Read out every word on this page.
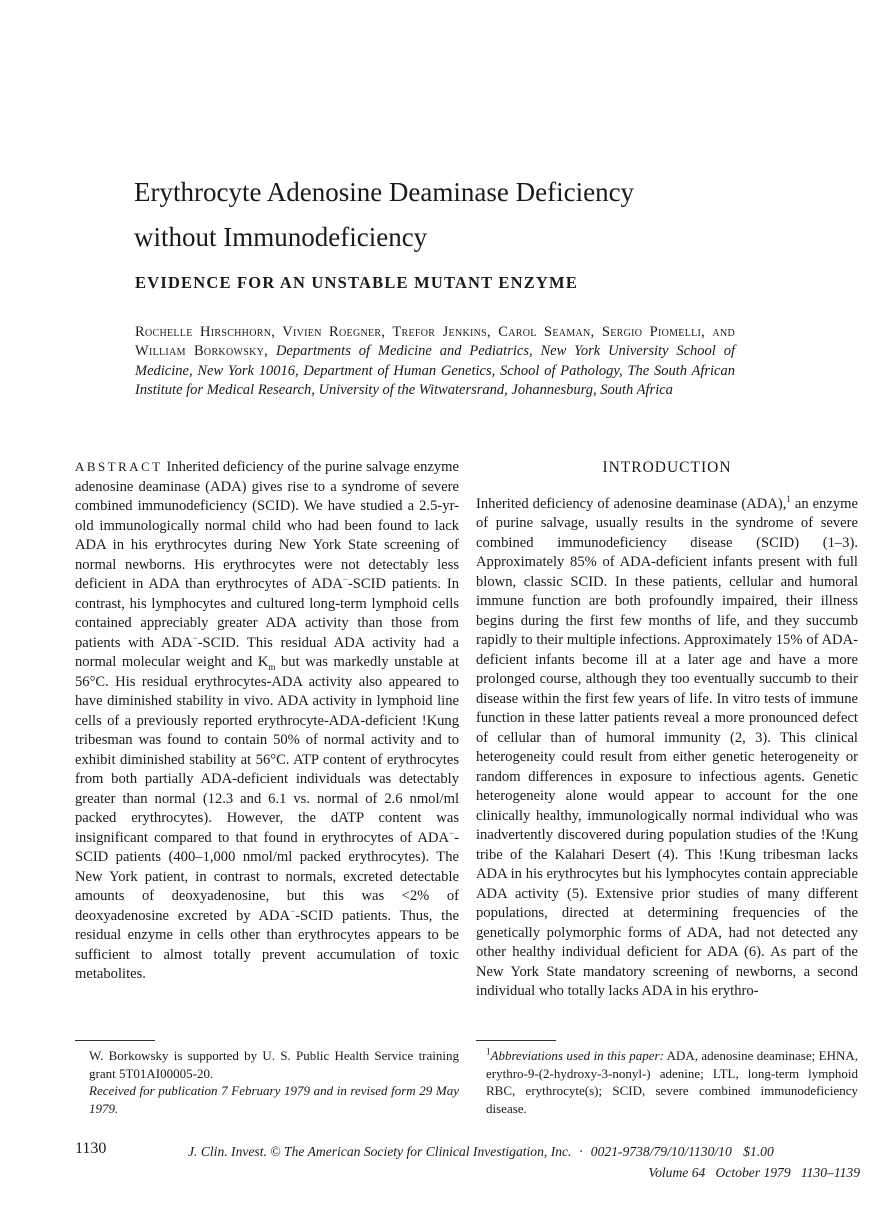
Erythrocyte Adenosine Deaminase Deficiency
without Immunodeficiency
EVIDENCE FOR AN UNSTABLE MUTANT ENZYME

Rochelle Hirschhorn, Vivien Roegner, Trefor Jenkins, Carol Seaman, Sergio Piomelli, and William Borkowsky, Departments of Medicine and Pediatrics, New York University School of Medicine, New York 10016, Department of Human Genetics, School of Pathology, The South African Institute for Medical Research, University of the Witwatersrand, Johannesburg, South Africa

ABSTRACT Inherited deficiency of the purine salvage enzyme adenosine deaminase (ADA) gives rise to a syndrome of severe combined immunodeficiency (SCID). We have studied a 2.5-yr-old immunologically normal child who had been found to lack ADA in his erythrocytes during New York State screening of normal newborns. His erythrocytes were not detectably less deficient in ADA than erythrocytes of ADA−-SCID patients. In contrast, his lymphocytes and cultured long-term lymphoid cells contained appreciably greater ADA activity than those from patients with ADA−-SCID. This residual ADA activity had a normal molecular weight and $K_m$ but was markedly unstable at 56°C. His residual erythrocytes-ADA activity also appeared to have diminished stability in vivo. ADA activity in lymphoid line cells of a previously reported erythrocyte-ADA-deficient !Kung tribesman was found to contain 50% of normal activity and to exhibit diminished stability at 56°C. ATP content of erythrocytes from both partially ADA-deficient individuals was detectably greater than normal (12.3 and 6.1 vs. normal of 2.6 nmol/ml packed erythrocytes). However, the dATP content was insignificant compared to that found in erythrocytes of ADA−-SCID patients (400–1,000 nmol/ml packed erythrocytes). The New York patient, in contrast to normals, excreted detectable amounts of deoxyadenosine, but this was <2% of deoxyadenosine excreted by ADA−-SCID patients. Thus, the residual enzyme in cells other than erythrocytes appears to be sufficient to almost totally prevent accumulation of toxic metabolites.

INTRODUCTION

Inherited deficiency of adenosine deaminase (ADA),$^1$ an enzyme of purine salvage, usually results in the syndrome of severe combined immunodeficiency disease (SCID) (1–3). Approximately 85% of ADA-deficient infants present with full blown, classic SCID. In these patients, cellular and humoral immune function are both profoundly impaired, their illness begins during the first few months of life, and they succumb rapidly to their multiple infections. Approximately 15% of ADA-deficient infants become ill at a later age and have a more prolonged course, although they too eventually succumb to their disease within the first few years of life. In vitro tests of immune function in these latter patients reveal a more pronounced defect of cellular than of humoral immunity (2, 3). This clinical heterogeneity could result from either genetic heterogeneity or random differences in exposure to infectious agents. Genetic heterogeneity alone would appear to account for the one clinically healthy, immunologically normal individual who was inadvertently discovered during population studies of the !Kung tribe of the Kalahari Desert (4). This !Kung tribesman lacks ADA in his erythrocytes but his lymphocytes contain appreciable ADA activity (5). Extensive prior studies of many different populations, directed at determining frequencies of the genetically polymorphic forms of ADA, had not detected any other healthy individual deficient for ADA (6). As part of the New York State mandatory screening of newborns, a second individual who totally lacks ADA in his erythro-

W. Borkowsky is supported by U. S. Public Health Service training grant 5T01AI00005-20.

Received for publication 7 February 1979 and in revised form 29 May 1979.

$^1$Abbreviations used in this paper: ADA, adenosine deaminase; EHNA, erythro-9-(2-hydroxy-3-nonyl-) adenine; LTL, long-term lymphoid RBC, erythrocyte(s); SCID, severe combined immunodeficiency disease.

1130	J. Clin. Invest. © The American Society for Clinical Investigation, Inc. · 0021-9738/79/10/1130/10 $1.00
Volume 64   October 1979   1130–1139
